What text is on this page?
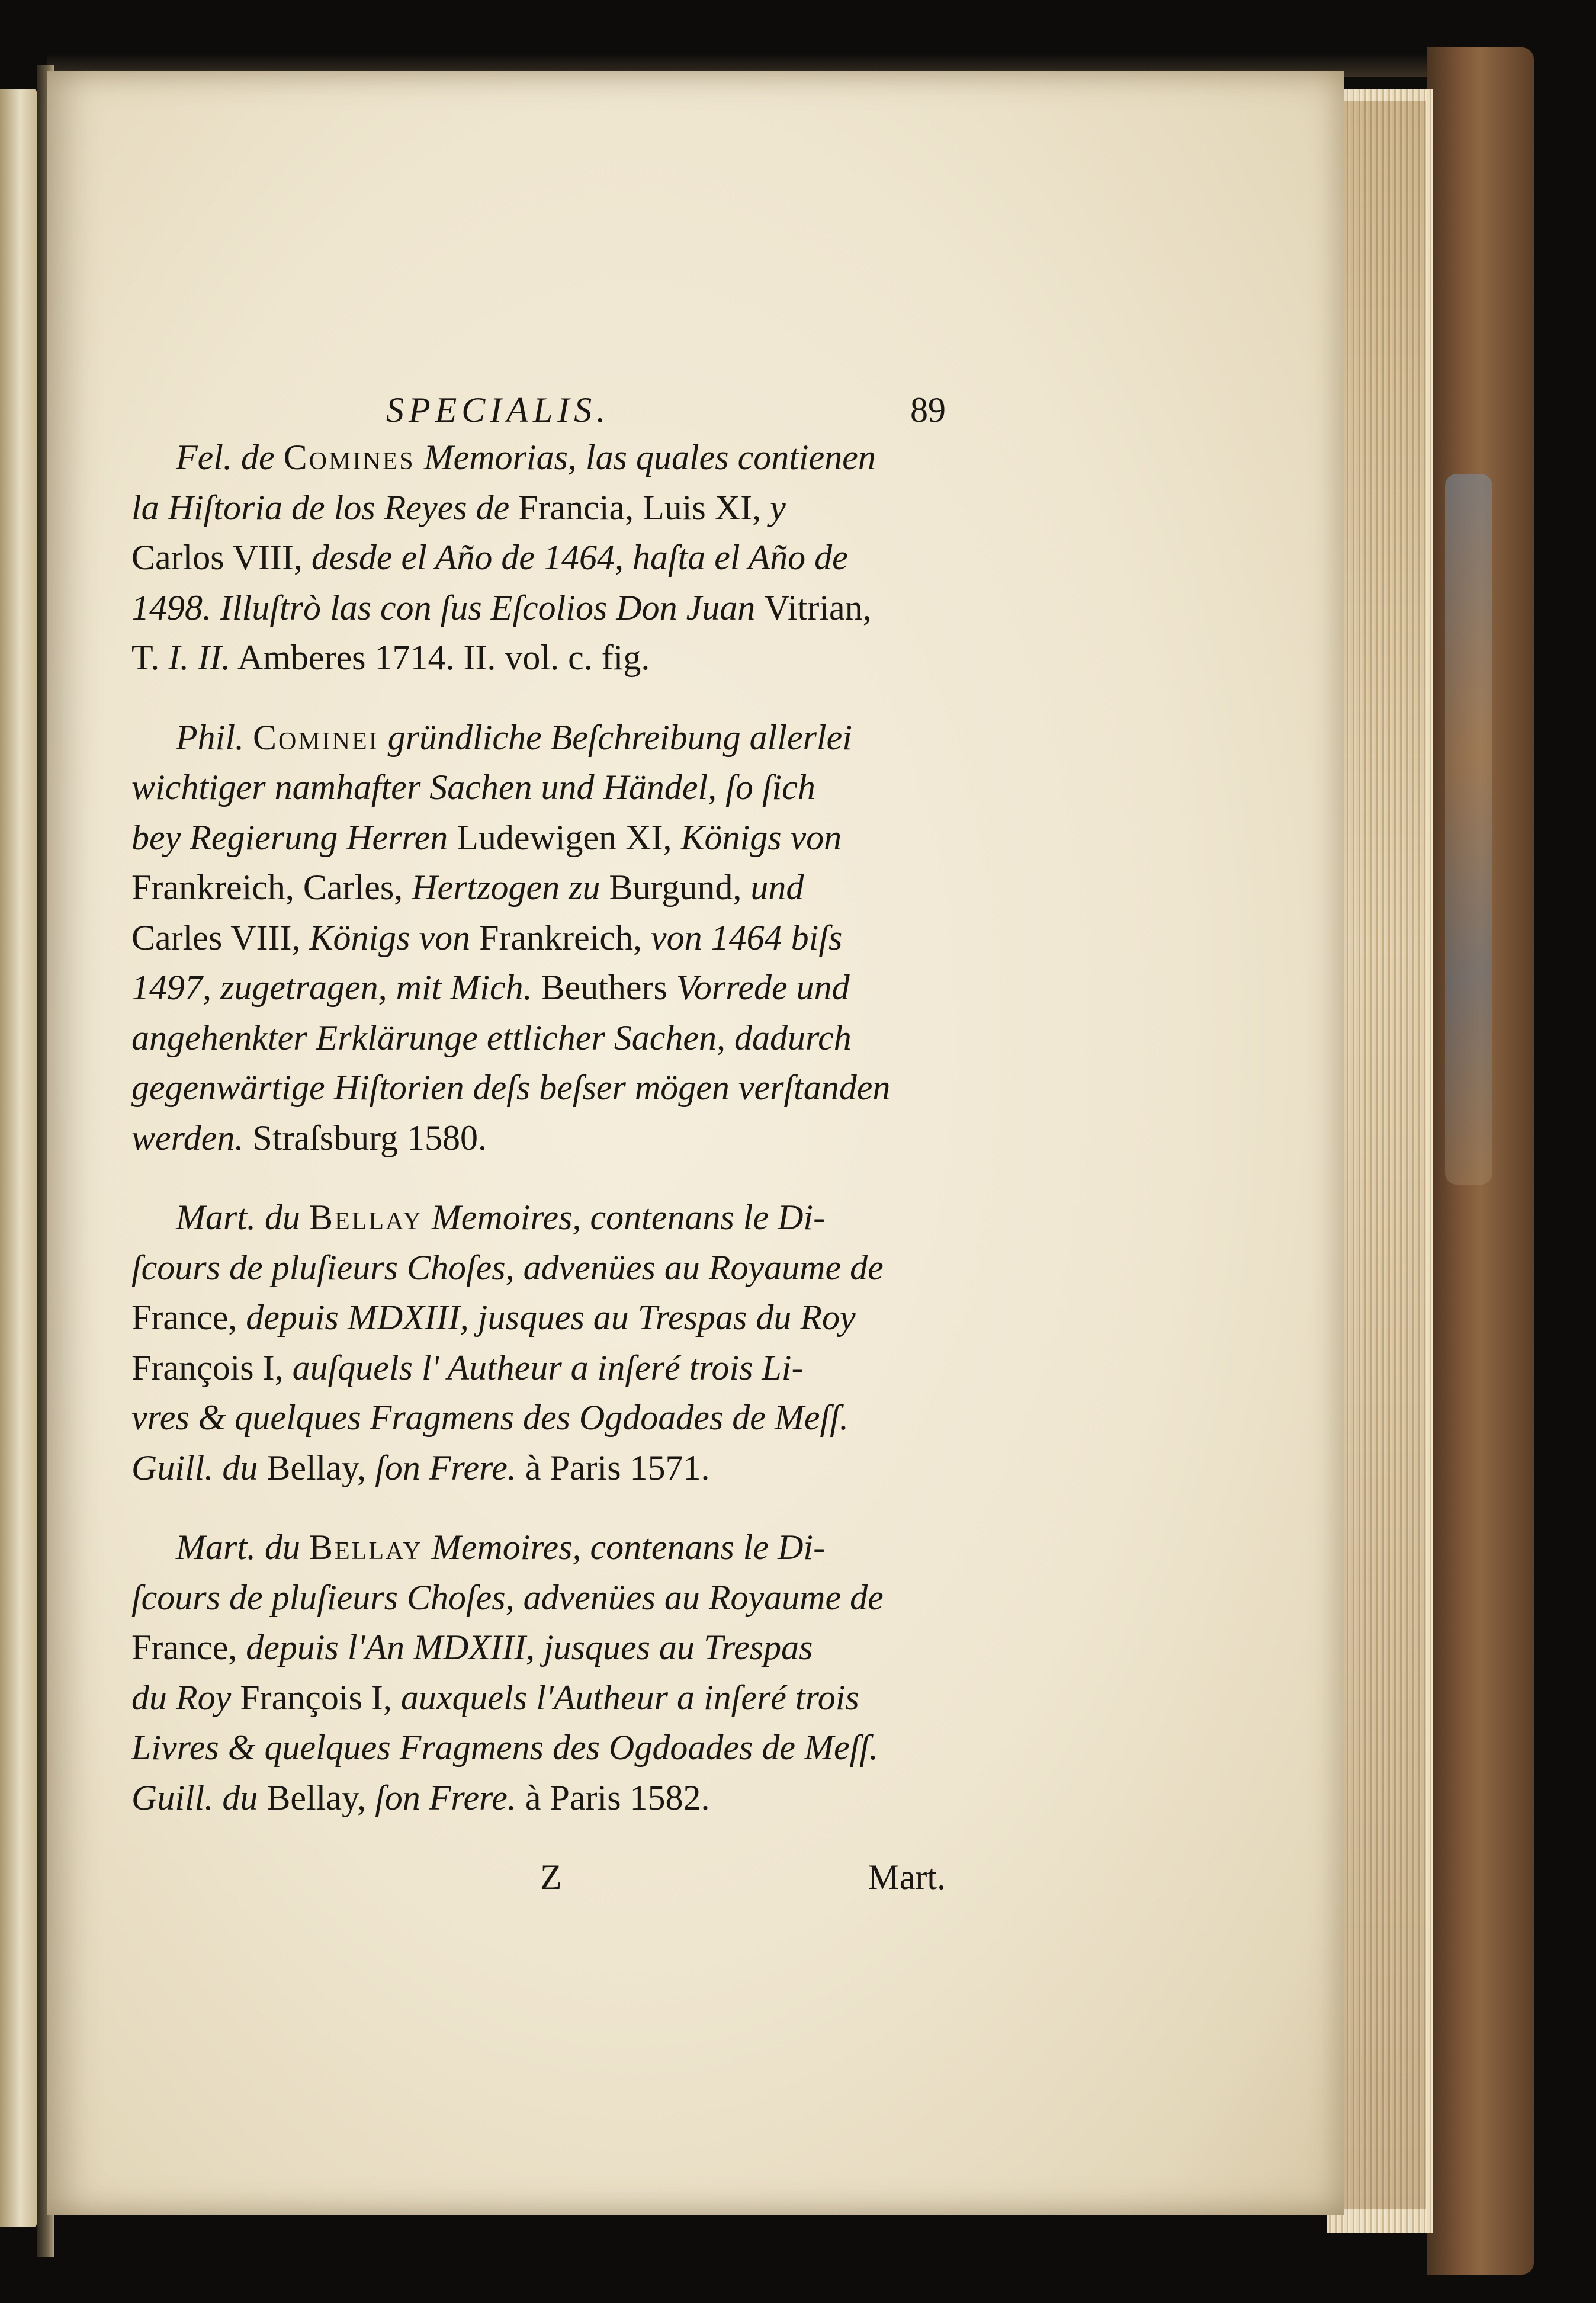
SPECIALIS.	89

Fel. de Comines Memorias, las quales contienen
la Hiſtoria de los Reyes de Francia, Luis XI, y
Carlos VIII, desde el Año de 1464, haſta el Año de
1498. Illuſtrò las con ſus Eſcolios Don Juan Vitrian,
T. I. II. Amberes 1714. II. vol. c. fig.

Phil. Cominei gründliche Beſchreibung allerlei
wichtiger namhafter Sachen und Händel, ſo ſich
bey Regierung Herren Ludewigen XI, Königs von
Frankreich, Carles, Hertzogen zu Burgund, und
Carles VIII, Königs von Frankreich, von 1464 biſs
1497, zugetragen, mit Mich. Beuthers Vorrede und
angehenkter Erklärunge ettlicher Sachen, dadurch
gegenwärtige Hiſtorien deſs beſser mögen verſtanden
werden. Straſsburg 1580.

Mart. du Bellay Memoires, contenans le Di-
ſcours de pluſieurs Choſes, advenües au Royaume de
France, depuis MDXIII, jusques au Trespas du Roy
François I, auſquels l' Autheur a inſeré trois Li-
vres & quelques Fragmens des Ogdoades de Meſſ.
Guill. du Bellay, ſon Frere. à Paris 1571.

Mart. du Bellay Memoires, contenans le Di-
ſcours de pluſieurs Choſes, advenües au Royaume de
France, depuis l'An MDXIII, jusques au Trespas
du Roy François I, auxquels l'Autheur a inſeré trois
Livres & quelques Fragmens des Ogdoades de Meſſ.
Guill. du Bellay, ſon Frere. à Paris 1582.

Z	Mart.
